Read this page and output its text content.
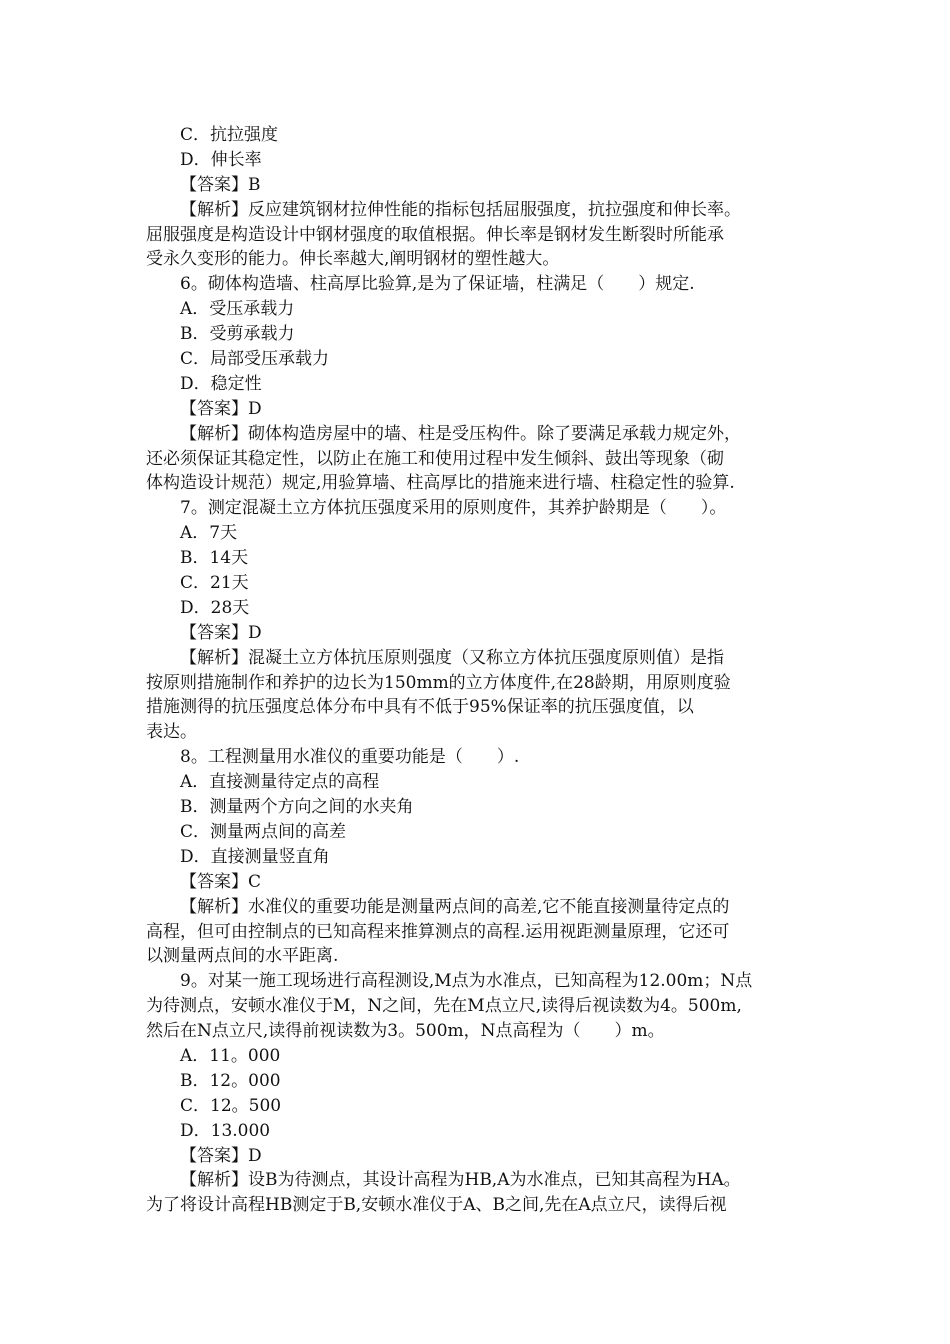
C．抗拉强度
D．伸长率
【答案】B
【解析】反应建筑钢材拉伸性能的指标包括屈服强度，抗拉强度和伸长率。
屈服强度是构造设计中钢材强度的取值根据。伸长率是钢材发生断裂时所能承
受永久变形的能力。伸长率越大,阐明钢材的塑性越大。
6。砌体构造墙、柱高厚比验算,是为了保证墙，柱满足（　　）规定.
A．受压承载力
B．受剪承载力
C．局部受压承载力
D．稳定性
【答案】D
【解析】砌体构造房屋中的墙、柱是受压构件。除了要满足承载力规定外，
还必须保证其稳定性，以防止在施工和使用过程中发生倾斜、鼓出等现象（砌
体构造设计规范）规定,用验算墙、柱高厚比的措施来进行墙、柱稳定性的验算.
7。测定混凝土立方体抗压强度采用的原则度件，其养护龄期是（　　）。
A．7天
B．14天
C．21天
D．28天
【答案】D
【解析】混凝土立方体抗压原则强度（又称立方体抗压强度原则值）是指
按原则措施制作和养护的边长为150mm的立方体度件,在28龄期，用原则度验
措施测得的抗压强度总体分布中具有不低于95%保证率的抗压强度值，以
表达。
8。工程测量用水准仪的重要功能是（　　）.
A．直接测量待定点的高程
B．测量两个方向之间的水夹角
C．测量两点间的高差
D．直接测量竖直角
【答案】C
【解析】水准仪的重要功能是测量两点间的高差,它不能直接测量待定点的
高程，但可由控制点的已知高程来推算测点的高程.运用视距测量原理，它还可
以测量两点间的水平距离.
9。对某一施工现场进行高程测设,M点为水准点，已知高程为12.00m；N点
为待测点，安顿水准仪于M，N之间，先在M点立尺,读得后视读数为4。500m,
然后在N点立尺,读得前视读数为3。500m，N点高程为（　　）m。
A．11。000
B．12。000
C．12。500
D．13.000
【答案】D
【解析】设B为待测点，其设计高程为HB,A为水准点，已知其高程为HA。
为了将设计高程HB测定于B,安顿水准仪于A、B之间,先在A点立尺，读得后视
